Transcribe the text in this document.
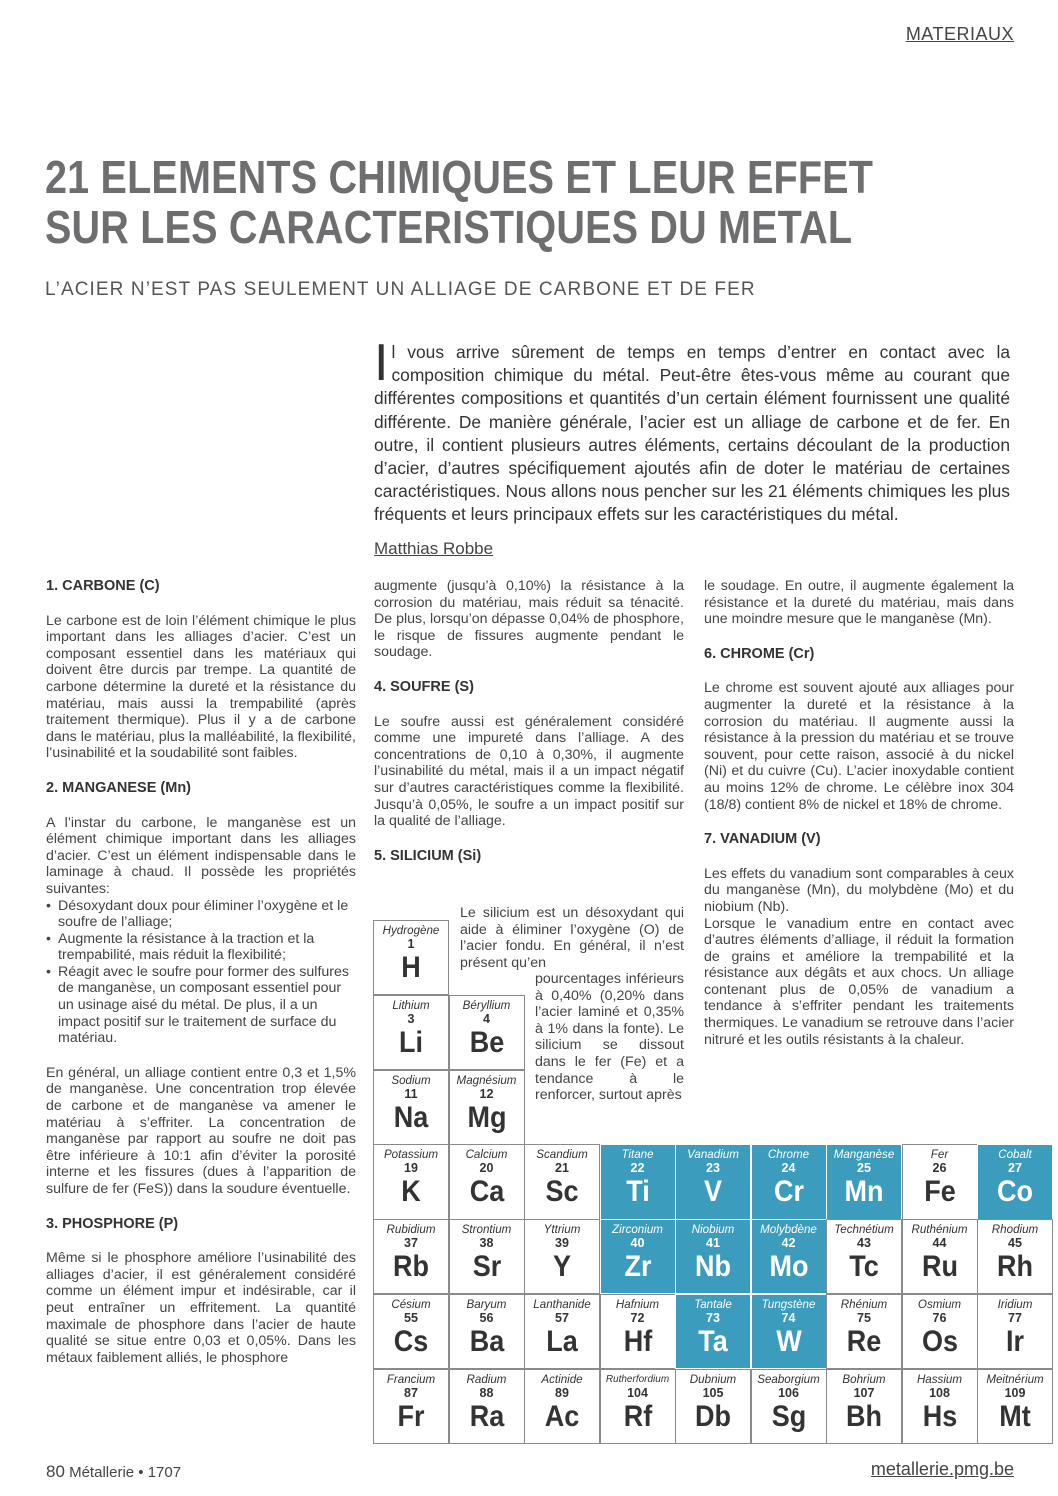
MATERIAUX
21 ELEMENTS CHIMIQUES ET LEUR EFFET
SUR LES CARACTERISTIQUES DU METAL
L’ACIER N’EST PAS SEULEMENT UN ALLIAGE DE CARBONE ET DE FER
Il vous arrive sûrement de temps en temps d’entrer en contact avec la composition chimique du métal. Peut-être êtes-vous même au courant que différentes compositions et quantités d’un certain élément fournissent une qualité différente. De manière générale, l’acier est un alliage de carbone et de fer. En outre, il contient plusieurs autres éléments, certains découlant de la production d’acier, d’autres spécifiquement ajoutés afin de doter le matériau de certaines caractéristiques. Nous allons nous pencher sur les 21 éléments chimiques les plus fréquents et leurs principaux effets sur les caractéristiques du métal.
Matthias Robbe
1. CARBONE (C)

Le carbone est de loin l’élément chimique le plus important dans les alliages d’acier. C’est un composant essentiel dans les matériaux qui doivent être durcis par trempe. La quantité de carbone détermine la dureté et la résistance du matériau, mais aussi la trempabilité (après traitement thermique). Plus il y a de carbone dans le matériau, plus la malléabilité, la flexibilité, l’usinabilité et la soudabilité sont faibles.

2. MANGANESE (Mn)

A l’instar du carbone, le manganèse est un élément chimique important dans les alliages d’acier. C’est un élément indispensable dans le laminage à chaud. Il possède les propriétés suivantes:

• Désoxydant doux pour éliminer l’oxygène et le soufre de l’alliage;
• Augmente la résistance à la traction et la trempabilité, mais réduit la flexibilité;
• Réagit avec le soufre pour former des sulfures de manganèse, un composant essentiel pour un usinage aisé du métal. De plus, il a un impact positif sur le traitement de surface du matériau.

En général, un alliage contient entre 0,3 et 1,5% de manganèse. Une concentration trop élevée de carbone et de manganèse va amener le matériau à s’effriter. La concentration de manganèse par rapport au soufre ne doit pas être inférieure à 10:1 afin d’éviter la porosité interne et les fissures (dues à l’apparition de sulfure de fer (FeS)) dans la soudure éventuelle.

3. PHOSPHORE (P)

Même si le phosphore améliore l’usinabilité des alliages d’acier, il est généralement considéré comme un élément impur et indésirable, car il peut entraîner un effritement. La quantité maximale de phosphore dans l’acier de haute qualité se situe entre 0,03 et 0,05%. Dans les métaux faiblement alliés, le phosphore

augmente (jusqu’à 0,10%) la résistance à la corrosion du matériau, mais réduit sa ténacité. De plus, lorsqu’on dépasse 0,04% de phosphore, le risque de fissures augmente pendant le soudage.

4. SOUFRE (S)

Le soufre aussi est généralement considéré comme une impureté dans l’alliage. A des concentrations de 0,10 à 0,30%, il augmente l’usinabilité du métal, mais il a un impact négatif sur d’autres caractéristiques comme la flexibilité. Jusqu’à 0,05%, le soufre a un impact positif sur la qualité de l’alliage.

5. SILICIUM (Si)
Le silicium est un désoxydant qui aide à éliminer l’oxygène (O) de l’acier fondu. En général, il n’est présent qu’en
pourcentages inférieurs à 0,40% (0,20% dans l’acier laminé et 0,35% à 1% dans la fonte). Le silicium se dissout dans le fer (Fe) et a tendance à le renforcer, surtout après

le soudage. En outre, il augmente également la résistance et la dureté du matériau, mais dans une moindre mesure que le manganèse (Mn).

6. CHROME (Cr)

Le chrome est souvent ajouté aux alliages pour augmenter la dureté et la résistance à la corrosion du matériau. Il augmente aussi la résistance à la pression du matériau et se trouve souvent, pour cette raison, associé à du nickel (Ni) et du cuivre (Cu). L’acier inoxydable contient au moins 12% de chrome. Le célèbre inox 304 (18/8) contient 8% de nickel et 18% de chrome.

7. VANADIUM (V)

Les effets du vanadium sont comparables à ceux du manganèse (Mn), du molybdène (Mo) et du niobium (Nb).

Lorsque le vanadium entre en contact avec d’autres éléments d’alliage, il réduit la formation de grains et améliore la trempabilité et la résistance aux dégâts et aux chocs. Un alliage contenant plus de 0,05% de vanadium a tendance à s’effriter pendant les traitements thermiques. Le vanadium se retrouve dans l’acier nitruré et les outils résistants à la chaleur.

Hydrogène
1
H
Lithium
3
Li
Béryllium
4
Be
Sodium
11
Na
Magnésium
12
Mg
Potassium
19
K
Calcium
20
Ca
Scandium
21
Sc
Titane
22
Ti
Vanadium
23
V
Chrome
24
Cr
Manganèse
25
Mn
Fer
26
Fe
Cobalt
27
Co
Rubidium
37
Rb
Strontium
38
Sr
Yttrium
39
Y
Zirconium
40
Zr
Niobium
41
Nb
Molybdène
42
Mo
Technétium
43
Tc
Ruthénium
44
Ru
Rhodium
45
Rh
Césium
55
Cs
Baryum
56
Ba
Lanthanide
57
La
Hafnium
72
Hf
Tantale
73
Ta
Tungstène
74
W
Rhénium
75
Re
Osmium
76
Os
Iridium
77
Ir
Francium
87
Fr
Radium
88
Ra
Actinide
89
Ac
Rutherfordium
104
Rf
Dubnium
105
Db
Seaborgium
106
Sg
Bohrium
107
Bh
Hassium
108
Hs
Meitnérium
109
Mt
80 Métallerie • 1707	metallerie.pmg.be
